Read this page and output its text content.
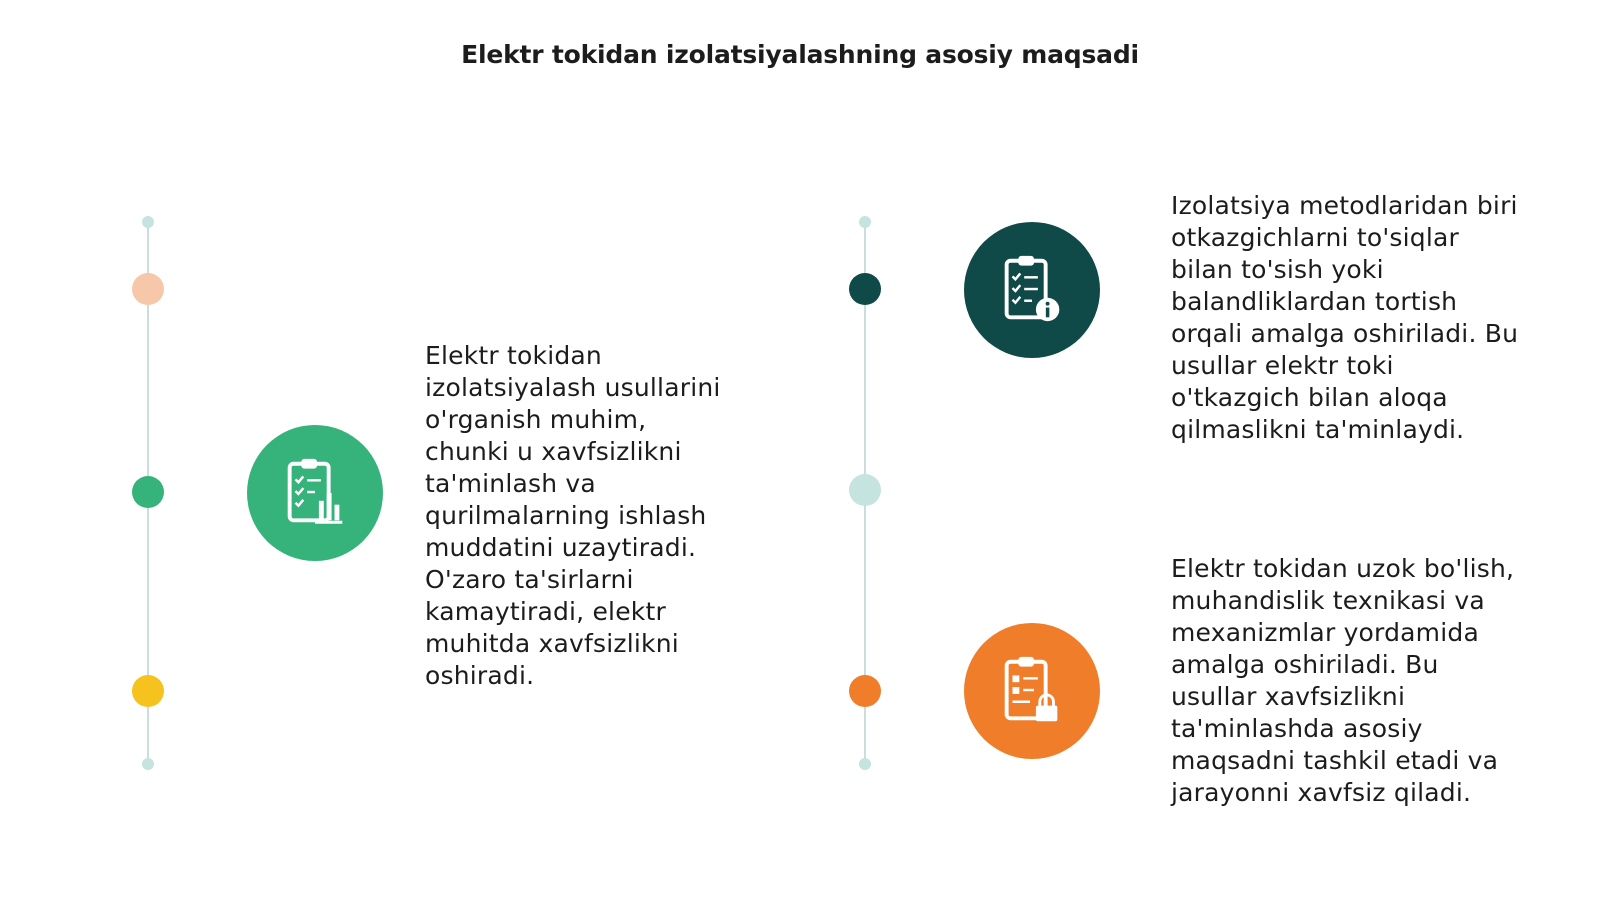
Elektr tokidan izolatsiyalashning asosiy maqsadi
Elektr tokidan
izolatsiyalash usullarini
o'rganish muhim,
chunki u xavfsizlikni
ta'minlash va
qurilmalarning ishlash
muddatini uzaytiradi.
O'zaro ta'sirlarni
kamaytiradi, elektr
muhitda xavfsizlikni
oshiradi.
Izolatsiya metodlaridan biri
otkazgichlarni to'siqlar
bilan to'sish yoki
balandliklardan tortish
orqali amalga oshiriladi. Bu
usullar elektr toki
o'tkazgich bilan aloqa
qilmaslikni ta'minlaydi.
Elektr tokidan uzok bo'lish,
muhandislik texnikasi va
mexanizmlar yordamida
amalga oshiriladi. Bu
usullar xavfsizlikni
ta'minlashda asosiy
maqsadni tashkil etadi va
jarayonni xavfsiz qiladi.
